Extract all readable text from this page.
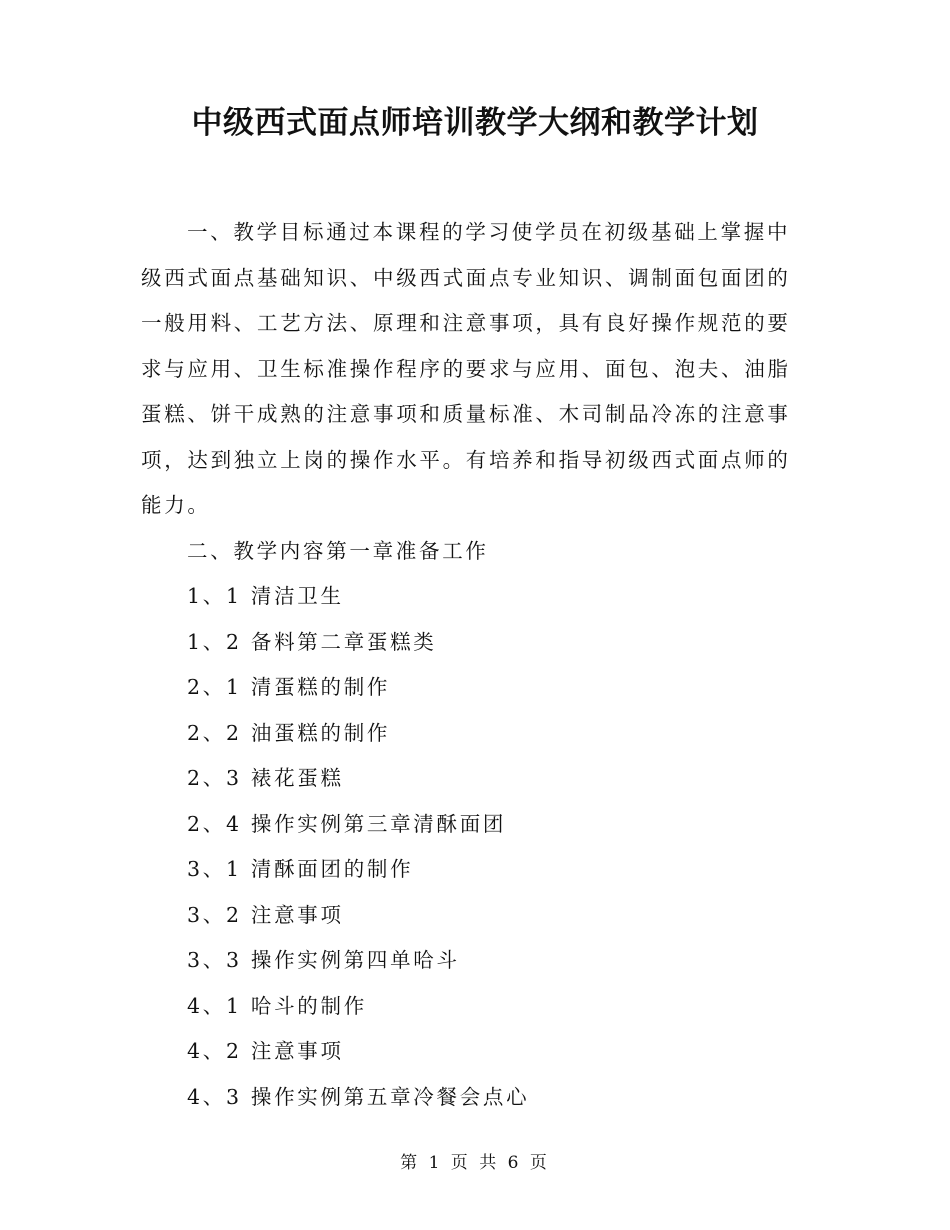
中级西式面点师培训教学大纲和教学计划

一、教学目标通过本课程的学习使学员在初级基础上掌握中级西式面点基础知识、中级西式面点专业知识、调制面包面团的一般用料、工艺方法、原理和注意事项，具有良好操作规范的要求与应用、卫生标准操作程序的要求与应用、面包、泡夫、油脂蛋糕、饼干成熟的注意事项和质量标准、木司制品冷冻的注意事项，达到独立上岗的操作水平。有培养和指导初级西式面点师的能力。

二、教学内容第一章准备工作

1、1 清洁卫生

1、2 备料第二章蛋糕类

2、1 清蛋糕的制作

2、2 油蛋糕的制作

2、3 裱花蛋糕

2、4 操作实例第三章清酥面团

3、1 清酥面团的制作

3、2 注意事项

3、3 操作实例第四单哈斗

4、1 哈斗的制作

4、2 注意事项

4、3 操作实例第五章冷餐会点心

第 1 页 共 6 页
